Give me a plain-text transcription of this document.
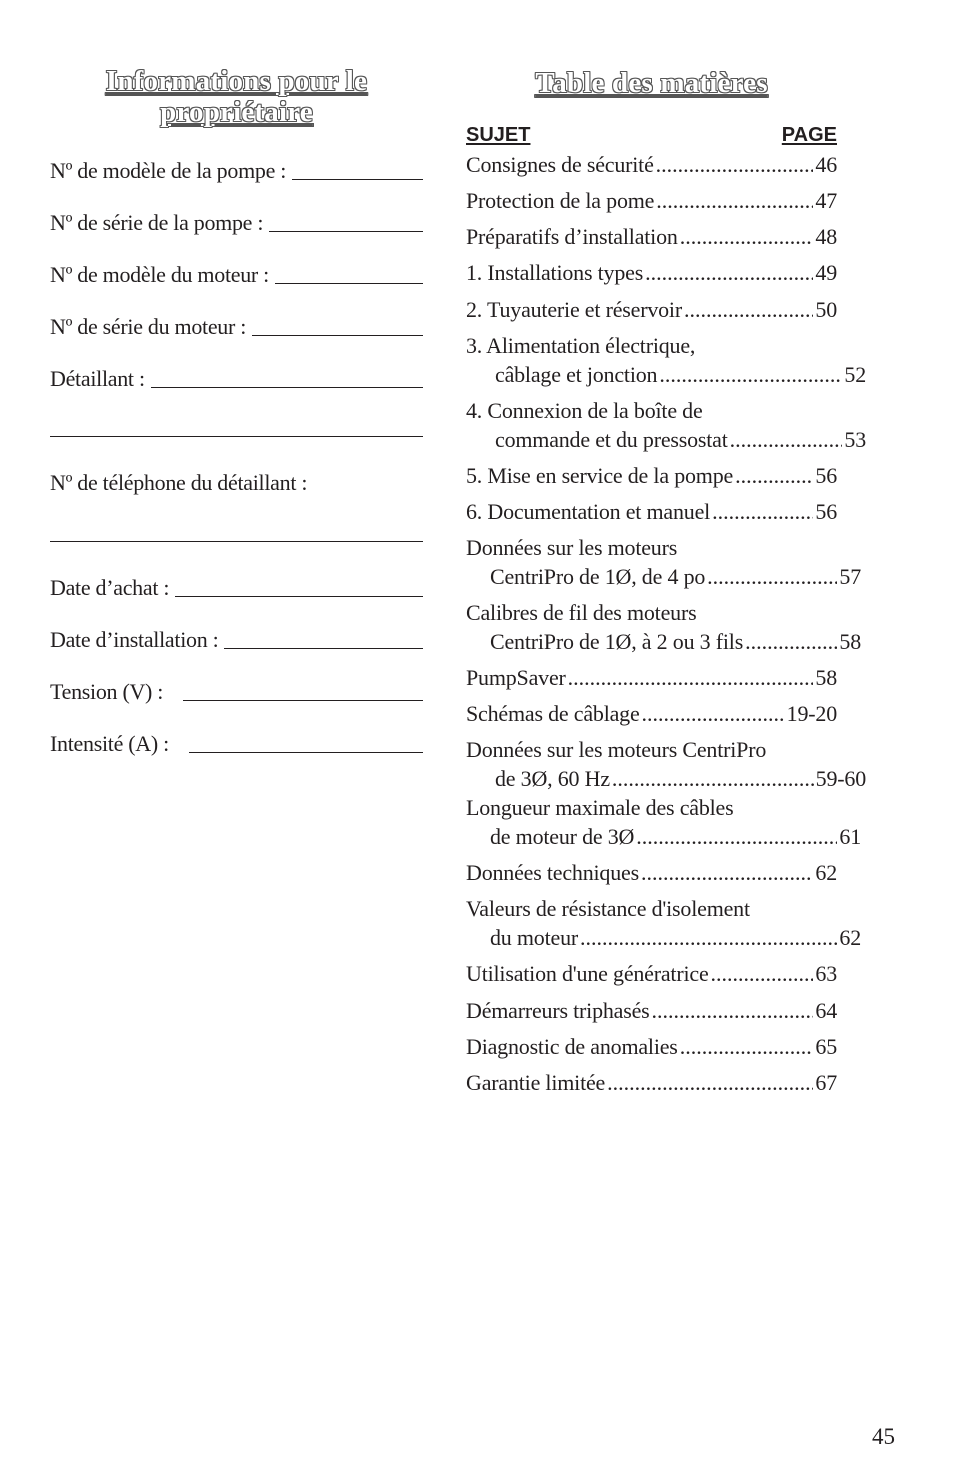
Informations pour le
propriétaire
Nº de modèle de la pompe :
Nº de série de la pompe :
Nº de modèle du moteur :
Nº de série du moteur :
Détaillant :
Nº de téléphone du détaillant :
Date d’achat :
Date d’installation :
Tension (V) :
Intensité (A) :
Table des matières
SUJET	PAGE
Consignes de sécurité .....	46
Protection de la pome .....	47
Préparatifs d’installation .....	48
1. Installations types .....	49
2. Tuyauterie et réservoir .....	50
3. Alimentation électrique,
câblage et jonction .....	52
4. Connexion de la boîte de
commande et du pressostat .....	53
5. Mise en service de la pompe .....	56
6. Documentation et manuel .....	56
Données sur les moteurs
CentriPro de 1Ø, de 4 po .....	57
Calibres de fil des moteurs
CentriPro de 1Ø, à 2 ou 3 fils .....	58
PumpSaver .....	58
Schémas de câblage .....	19-20
Données sur les moteurs CentriPro
de 3Ø, 60 Hz .....	59-60
Longueur maximale des câbles
de moteur de 3Ø .....	61
Données techniques .....	62
Valeurs de résistance d'isolement
du moteur .....	62
Utilisation d'une génératrice .....	63
Démarreurs triphasés .....	64
Diagnostic de anomalies .....	65
Garantie limitée .....	67
45
